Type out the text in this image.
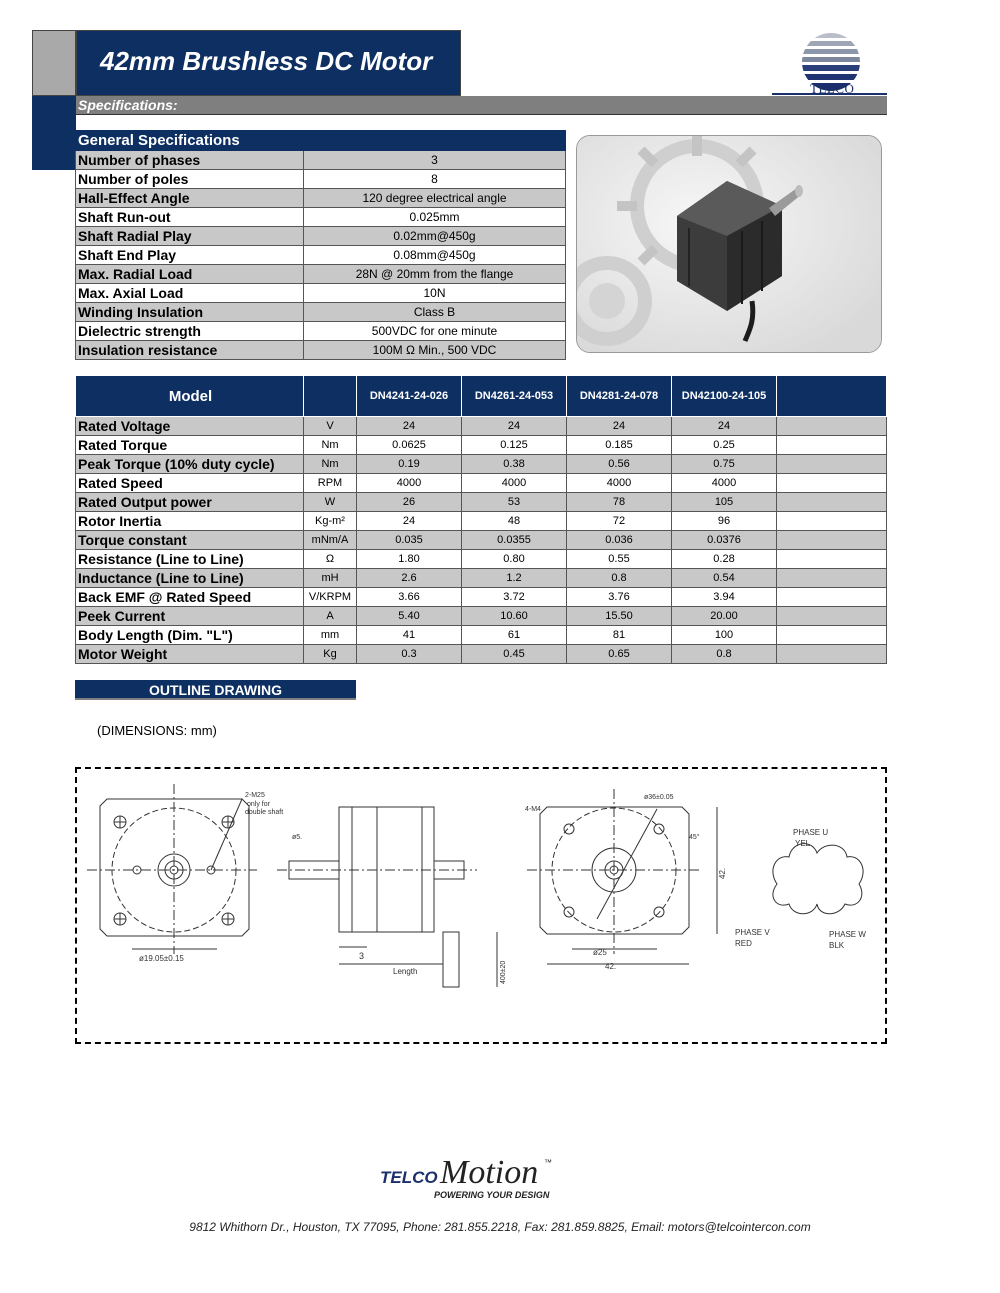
42mm Brushless DC Motor
Specifications:
TELCO
General Specifications	
Number of phases	3
Number of poles	8
Hall-Effect Angle	120 degree electrical angle
Shaft Run-out	0.025mm
Shaft Radial Play	0.02mm@450g
Shaft End Play	0.08mm@450g
Max. Radial Load	28N @ 20mm from the flange
Max. Axial Load	10N
Winding Insulation	Class B
Dielectric strength	500VDC for one minute
Insulation resistance	100M Ω Min., 500 VDC
Model		DN4241-24-026	DN4261-24-053	DN4281-24-078	DN42100-24-105	
Rated Voltage	V	24	24	24	24	
Rated Torque	Nm	0.0625	0.125	0.185	0.25	
Peak Torque (10% duty cycle)	Nm	0.19	0.38	0.56	0.75	
Rated Speed	RPM	4000	4000	4000	4000	
Rated Output power	W	26	53	78	105	
Rotor Inertia	Kg-m²	24	48	72	96	
Torque constant	mNm/A	0.035	0.0355	0.036	0.0376	
Resistance (Line to Line)	Ω	1.80	0.80	0.55	0.28	
Inductance (Line to Line)	mH	2.6	1.2	0.8	0.54	
Back EMF @ Rated Speed	V/KRPM	3.66	3.72	3.76	3.94	
Peek Current	A	5.40	10.60	15.50	20.00	
Body Length (Dim. "L")	mm	41	61	81	100	
Motor Weight	Kg	0.3	0.45	0.65	0.8	
OUTLINE DRAWING
(DIMENSIONS: mm)
ø19.05±0.15
2-M25
only for
double shaft
3
Length
ø5.
400±20
4-M4
ø36±0.05
45°
42.
ø25
42.
PHASE U
YEL
PHASE V
RED
PHASE W
BLK
TELCO Motion ™
POWERING YOUR DESIGN
9812 Whithorn Dr., Houston, TX 77095, Phone: 281.855.2218, Fax: 281.859.8825, Email: motors@telcointercon.com
